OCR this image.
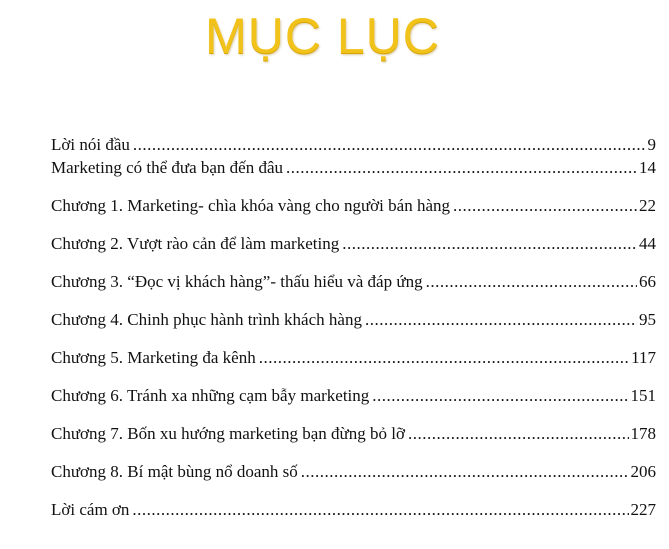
MỤC LỤC
Lời nói đầu .....	9
Marketing có thể đưa bạn đến đâu .....	14
Chương 1. Marketing- chìa khóa vàng cho người bán hàng .....	22
Chương 2. Vượt rào cản để làm marketing .....	44
Chương 3. “Đọc vị khách hàng”- thấu hiểu và đáp ứng .....	66
Chương 4. Chinh phục hành trình khách hàng .....	95
Chương 5. Marketing đa kênh .....	117
Chương 6. Tránh xa những cạm bẫy marketing .....	151
Chương 7. Bốn xu hướng marketing bạn đừng bỏ lỡ .....	178
Chương 8. Bí mật bùng nổ doanh số .....	206
Lời cám ơn .....	227
